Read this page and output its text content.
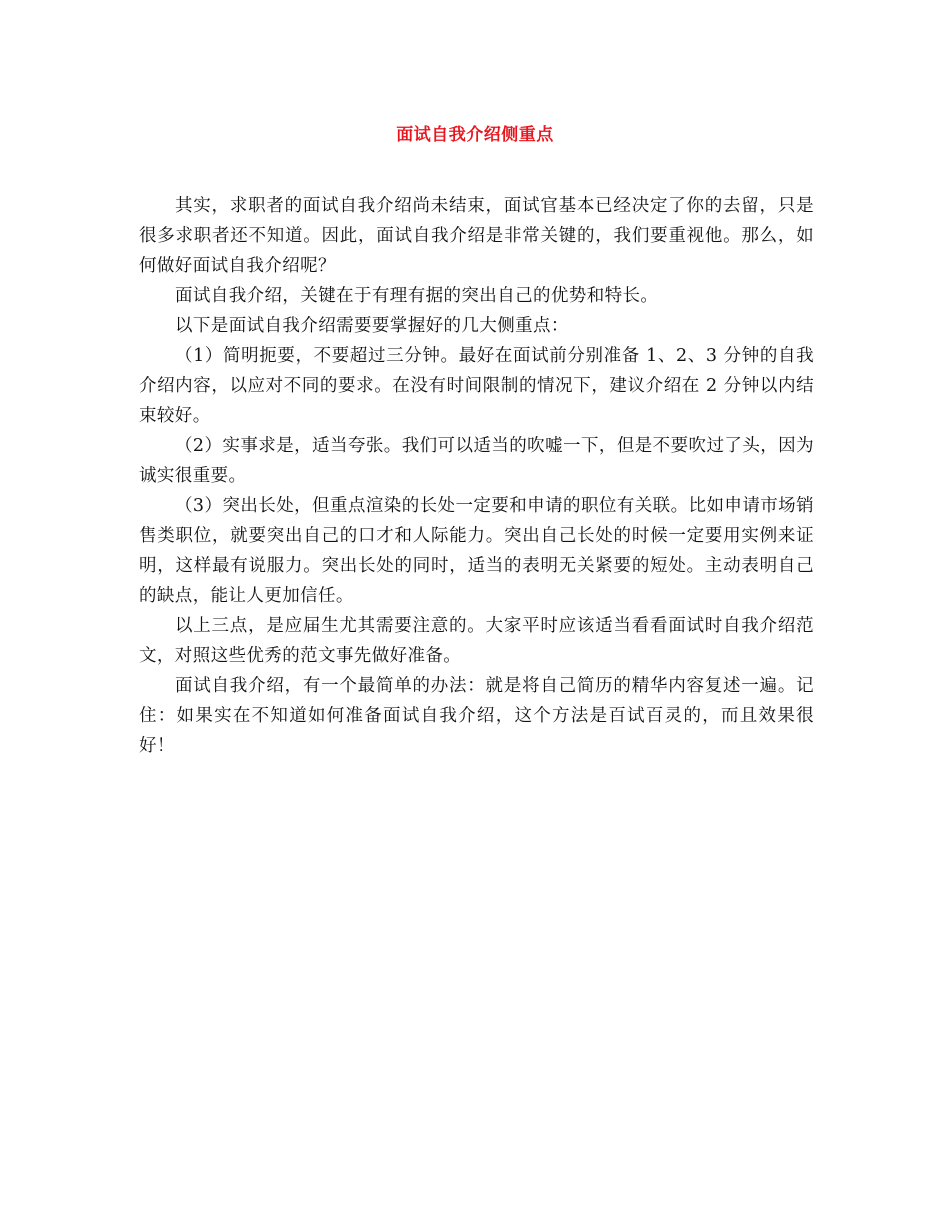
面试自我介绍侧重点

其实，求职者的面试自我介绍尚未结束，面试官基本已经决定了你的去留，只是很多求职者还不知道。因此，面试自我介绍是非常关键的，我们要重视他。那么，如何做好面试自我介绍呢？

面试自我介绍，关键在于有理有据的突出自己的优势和特长。

以下是面试自我介绍需要要掌握好的几大侧重点：

（1）简明扼要，不要超过三分钟。最好在面试前分别准备 1、2、3 分钟的自我介绍内容，以应对不同的要求。在没有时间限制的情况下，建议介绍在 2 分钟以内结束较好。

（2）实事求是，适当夸张。我们可以适当的吹嘘一下，但是不要吹过了头，因为诚实很重要。

（3）突出长处，但重点渲染的长处一定要和申请的职位有关联。比如申请市场销售类职位，就要突出自己的口才和人际能力。突出自己长处的时候一定要用实例来证明，这样最有说服力。突出长处的同时，适当的表明无关紧要的短处。主动表明自己的缺点，能让人更加信任。

以上三点，是应届生尤其需要注意的。大家平时应该适当看看面试时自我介绍范文，对照这些优秀的范文事先做好准备。

面试自我介绍，有一个最简单的办法：就是将自己简历的精华内容复述一遍。记住：如果实在不知道如何准备面试自我介绍，这个方法是百试百灵的，而且效果很好！
